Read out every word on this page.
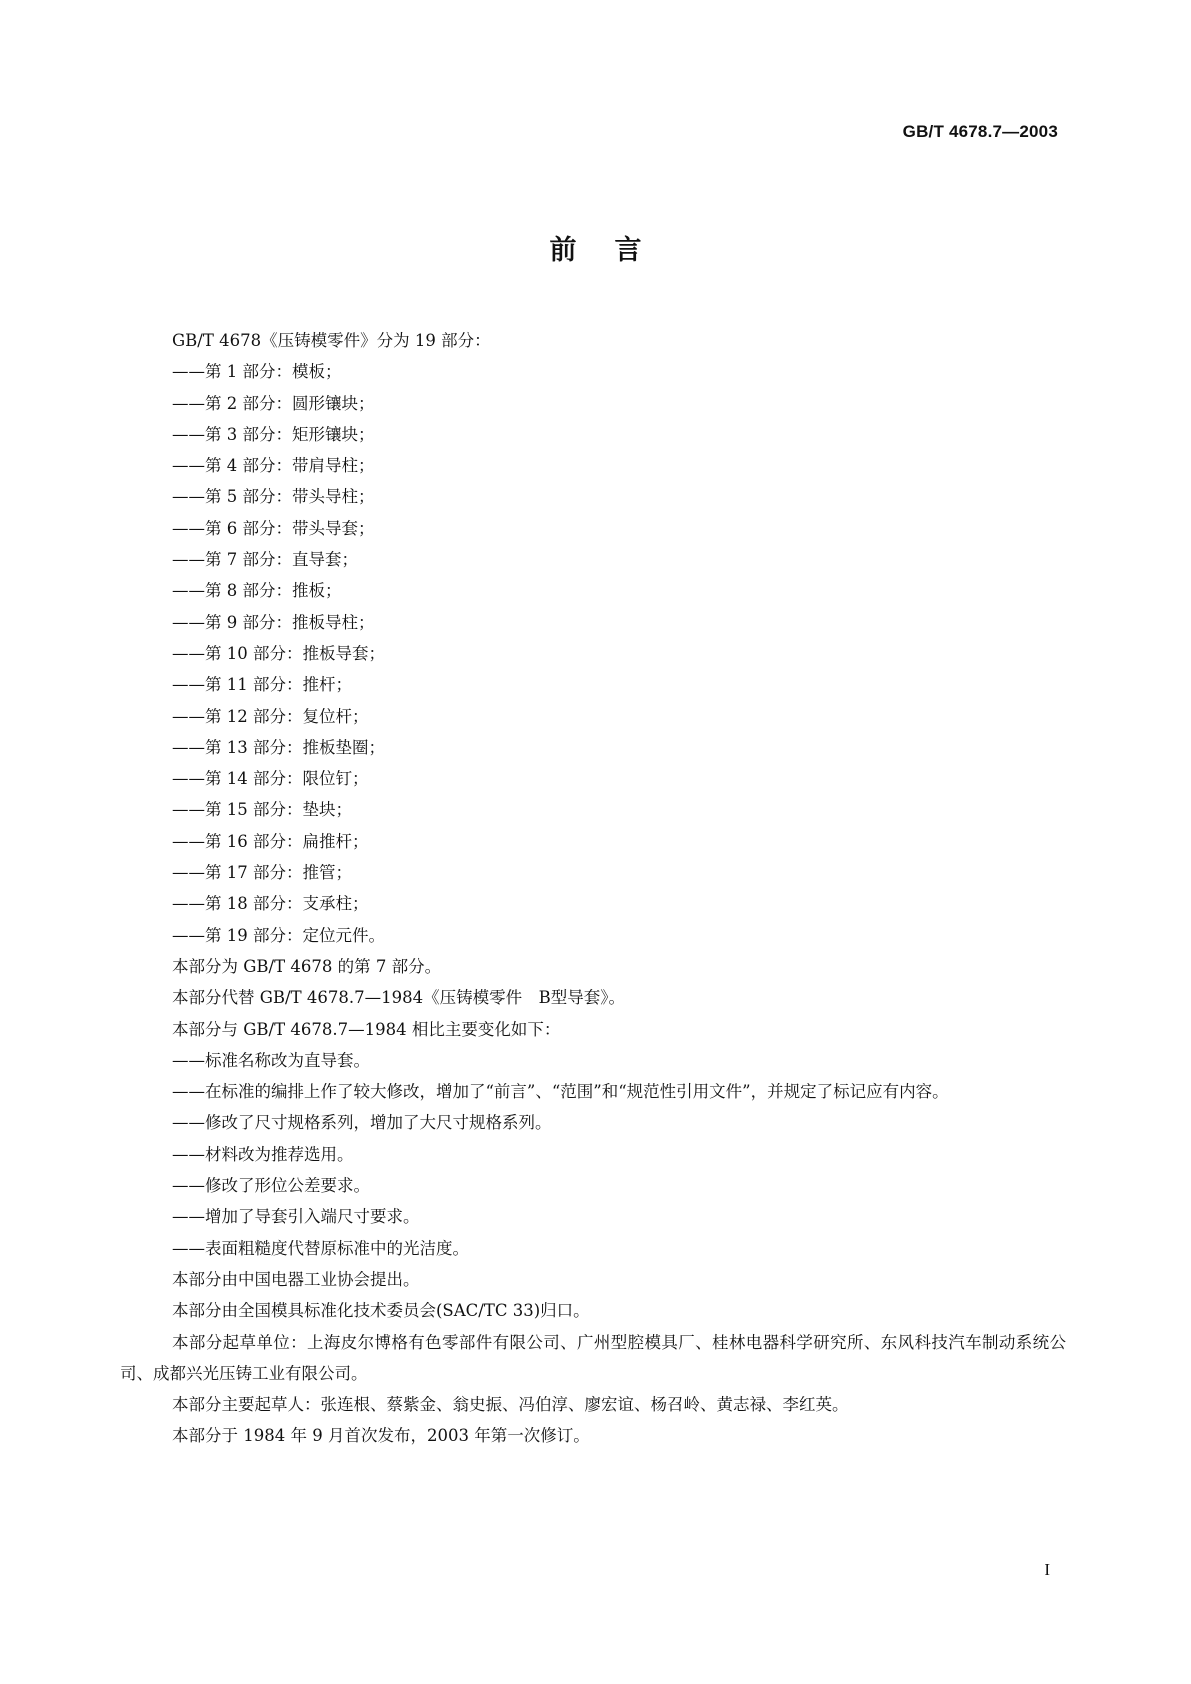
GB/T 4678.7—2003
前言
GB/T 4678《压铸模零件》分为 19 部分：
——第 1 部分：模板；
——第 2 部分：圆形镶块；
——第 3 部分：矩形镶块；
——第 4 部分：带肩导柱；
——第 5 部分：带头导柱；
——第 6 部分：带头导套；
——第 7 部分：直导套；
——第 8 部分：推板；
——第 9 部分：推板导柱；
——第 10 部分：推板导套；
——第 11 部分：推杆；
——第 12 部分：复位杆；
——第 13 部分：推板垫圈；
——第 14 部分：限位钉；
——第 15 部分：垫块；
——第 16 部分：扁推杆；
——第 17 部分：推管；
——第 18 部分：支承柱；
——第 19 部分：定位元件。
本部分为 GB/T 4678 的第 7 部分。
本部分代替 GB/T 4678.7—1984《压铸模零件　B型导套》。
本部分与 GB/T 4678.7—1984 相比主要变化如下：
——标准名称改为直导套。
——在标准的编排上作了较大修改，增加了“前言”、“范围”和“规范性引用文件”，并规定了标记应有内容。
——修改了尺寸规格系列，增加了大尺寸规格系列。
——材料改为推荐选用。
——修改了形位公差要求。
——增加了导套引入端尺寸要求。
——表面粗糙度代替原标准中的光洁度。
本部分由中国电器工业协会提出。
本部分由全国模具标准化技术委员会(SAC/TC 33)归口。
本部分起草单位：上海皮尔博格有色零部件有限公司、广州型腔模具厂、桂林电器科学研究所、东风科技汽车制动系统公司、成都兴光压铸工业有限公司。
本部分主要起草人：张连根、蔡紫金、翁史振、冯伯淳、廖宏谊、杨召岭、黄志禄、李红英。
本部分于 1984 年 9 月首次发布，2003 年第一次修订。
I
